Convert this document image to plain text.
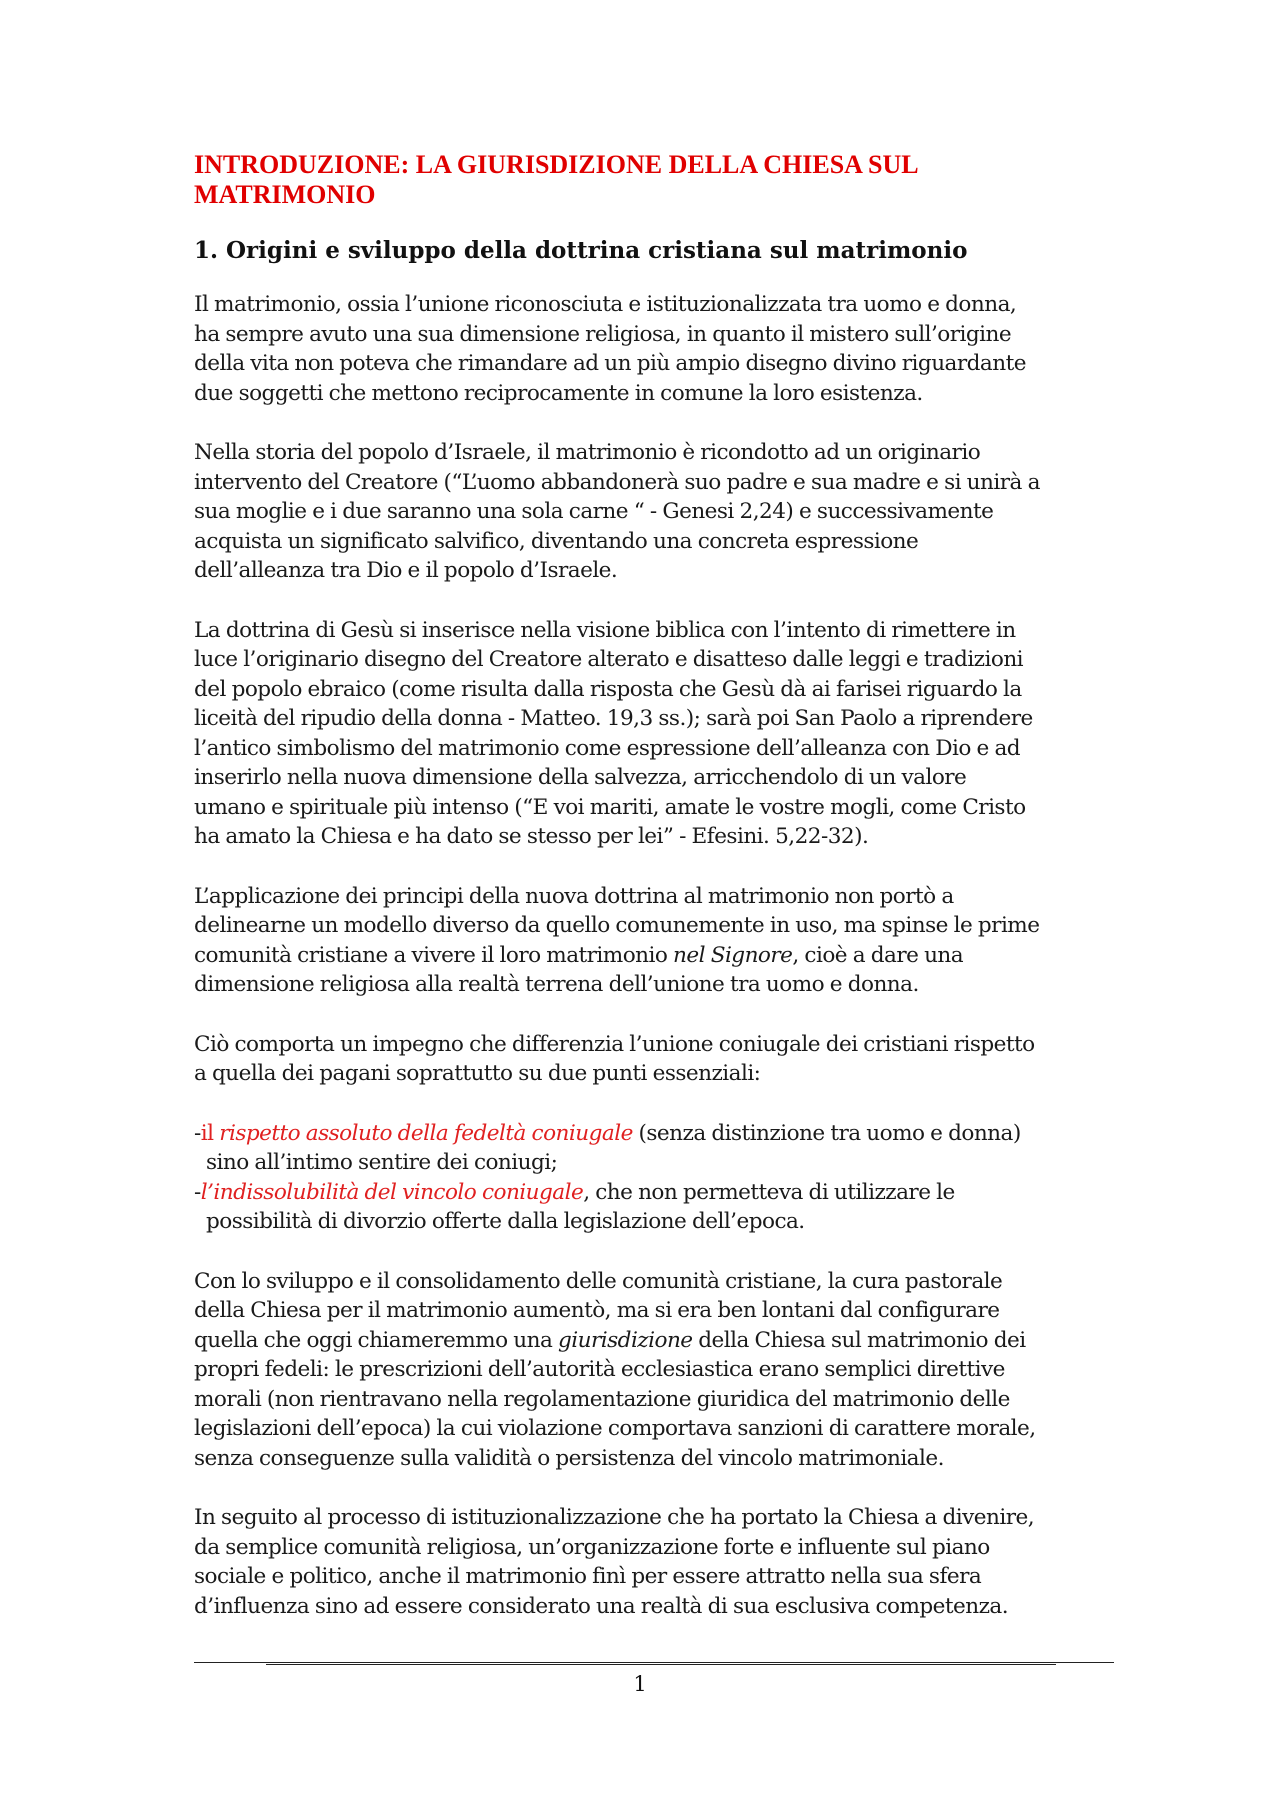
INTRODUZIONE: LA GIURISDIZIONE DELLA CHIESA SUL
MATRIMONIO
1. Origini e sviluppo della dottrina cristiana sul matrimonio

Il matrimonio, ossia l’unione riconosciuta e istituzionalizzata tra uomo e donna,
ha sempre avuto una sua dimensione religiosa, in quanto il mistero sull’origine
della vita non poteva che rimandare ad un più ampio disegno divino riguardante
due soggetti che mettono reciprocamente in comune la loro esistenza.

Nella storia del popolo d’Israele, il matrimonio è ricondotto ad un originario
intervento del Creatore (“L’uomo abbandonerà suo padre e sua madre e si unirà a
sua moglie e i due saranno una sola carne “ - Genesi 2,24) e successivamente
acquista un significato salvifico, diventando una concreta espressione
dell’alleanza tra Dio e il popolo d’Israele.

La dottrina di Gesù si inserisce nella visione biblica con l’intento di rimettere in
luce l’originario disegno del Creatore alterato e disatteso dalle leggi e tradizioni
del popolo ebraico (come risulta dalla risposta che Gesù dà ai farisei riguardo la
liceità del ripudio della donna - Matteo. 19,3 ss.); sarà poi San Paolo a riprendere
l’antico simbolismo del matrimonio come espressione dell’alleanza con Dio e ad
inserirlo nella nuova dimensione della salvezza, arricchendolo di un valore
umano e spirituale più intenso (“E voi mariti, amate le vostre mogli, come Cristo
ha amato la Chiesa e ha dato se stesso per lei” - Efesini. 5,22-32).

L’applicazione dei principi della nuova dottrina al matrimonio non portò a
delinearne un modello diverso da quello comunemente in uso, ma spinse le prime
comunità cristiane a vivere il loro matrimonio nel Signore, cioè a dare una
dimensione religiosa alla realtà terrena dell’unione tra uomo e donna.

Ciò comporta un impegno che differenzia l’unione coniugale dei cristiani rispetto
a quella dei pagani soprattutto su due punti essenziali:

-il rispetto assoluto della fedeltà coniugale (senza distinzione tra uomo e donna)
sino all’intimo sentire dei coniugi;
-l’indissolubilità del vincolo coniugale, che non permetteva di utilizzare le
possibilità di divorzio offerte dalla legislazione dell’epoca.

Con lo sviluppo e il consolidamento delle comunità cristiane, la cura pastorale
della Chiesa per il matrimonio aumentò, ma si era ben lontani dal configurare
quella che oggi chiameremmo una giurisdizione della Chiesa sul matrimonio dei
propri fedeli: le prescrizioni dell’autorità ecclesiastica erano semplici direttive
morali (non rientravano nella regolamentazione giuridica del matrimonio delle
legislazioni dell’epoca) la cui violazione comportava sanzioni di carattere morale,
senza conseguenze sulla validità o persistenza del vincolo matrimoniale.

In seguito al processo di istituzionalizzazione che ha portato la Chiesa a divenire,
da semplice comunità religiosa, un’organizzazione forte e influente sul piano
sociale e politico, anche il matrimonio finì per essere attratto nella sua sfera
d’influenza sino ad essere considerato una realtà di sua esclusiva competenza.

1
